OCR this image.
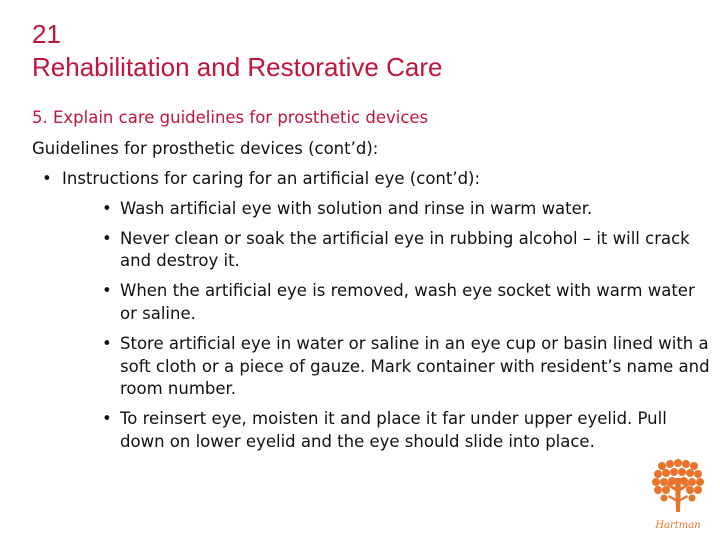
21
Rehabilitation and Restorative Care
5. Explain care guidelines for prosthetic devices
Guidelines for prosthetic devices (cont’d):
• Instructions for caring for an artificial eye (cont’d):
• Wash artificial eye with solution and rinse in warm water.
• Never clean or soak the artificial eye in rubbing alcohol – it will crack and destroy it.
• When the artificial eye is removed, wash eye socket with warm water or saline.
• Store artificial eye in water or saline in an eye cup or basin lined with a soft cloth or a piece of gauze. Mark container with resident’s name and room number.
• To reinsert eye, moisten it and place it far under upper eyelid. Pull down on lower eyelid and the eye should slide into place.
Hartman
